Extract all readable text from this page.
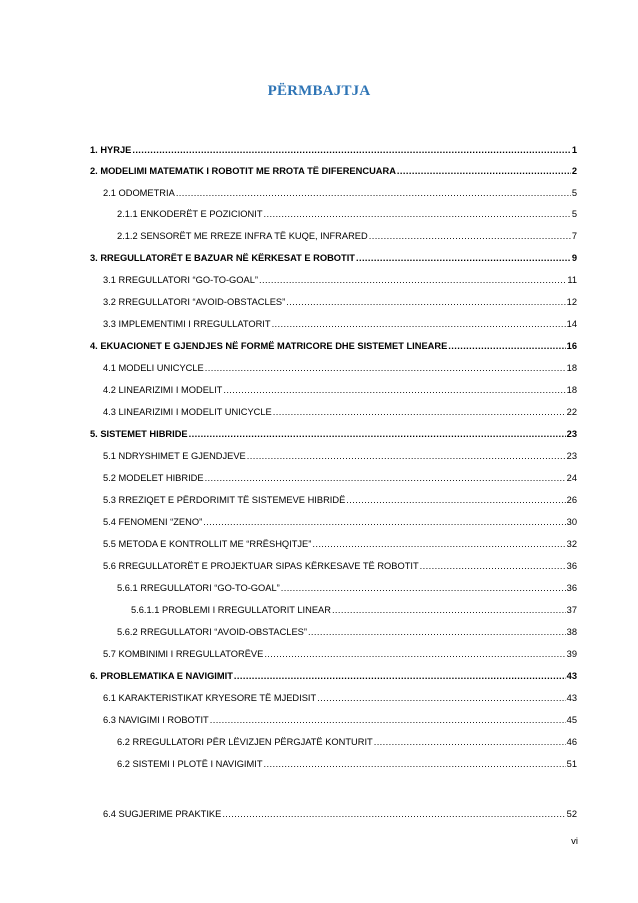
PËRMBAJTJA
1. HYRJE .....	1
2. MODELIMI MATEMATIK I ROBOTIT ME RROTA TË DIFERENCUARA .....	2
2.1 ODOMETRIA .....	5
2.1.1 ENKODERËT E POZICIONIT .....	5
2.1.2 SENSORËT ME RREZE INFRA TË KUQE, INFRARED .....	7
3. RREGULLATORËT E BAZUAR NË KËRKESAT E ROBOTIT .....	9
3.1 RREGULLATORI “GO-TO-GOAL” .....	11
3.2 RREGULLATORI “AVOID-OBSTACLES” .....	12
3.3 IMPLEMENTIMI I RREGULLATORIT .....	14
4. EKUACIONET E GJENDJES NË FORMË MATRICORE DHE SISTEMET LINEARE .....	16
4.1 MODELI UNICYCLE .....	18
4.2 LINEARIZIMI I MODELIT .....	18
4.3 LINEARIZIMI I MODELIT UNICYCLE .....	22
5. SISTEMET HIBRIDE .....	23
5.1 NDRYSHIMET E GJENDJEVE .....	23
5.2 MODELET HIBRIDE .....	24
5.3 RREZIQET E PËRDORIMIT TË SISTEMEVE HIBRIDË .....	26
5.4 FENOMENI “ZENO” .....	30
5.5 METODA E KONTROLLIT ME “RRËSHQITJE” .....	32
5.6 RREGULLATORËT E PROJEKTUAR SIPAS KËRKESAVE TË ROBOTIT .....	36
5.6.1 RREGULLATORI “GO-TO-GOAL” .....	36
5.6.1.1 PROBLEMI I RREGULLATORIT LINEAR .....	37
5.6.2 RREGULLATORI “AVOID-OBSTACLES” .....	38
5.7 KOMBINIMI I RREGULLATORËVE .....	39
6. PROBLEMATIKA E NAVIGIMIT .....	43
6.1 KARAKTERISTIKAT KRYESORE TË MJEDISIT .....	43
6.3 NAVIGIMI I ROBOTIT .....	45
6.2 RREGULLATORI PËR LËVIZJEN PËRGJATË KONTURIT .....	46
6.2 SISTEMI I PLOTË I NAVIGIMIT .....	51
6.4 SUGJERIME PRAKTIKE .....	52
vi
